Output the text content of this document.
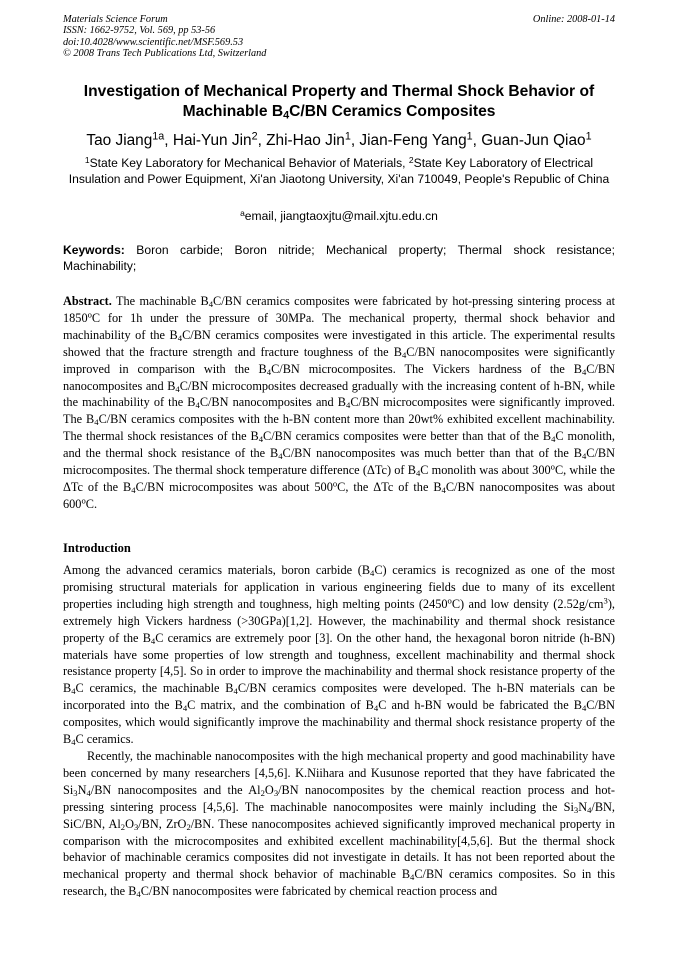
Materials Science Forum
ISSN: 1662-9752, Vol. 569, pp 53-56
doi:10.4028/www.scientific.net/MSF.569.53
© 2008 Trans Tech Publications Ltd, Switzerland
Online: 2008-01-14
Investigation of Mechanical Property and Thermal Shock Behavior of
Machinable $B_4C/BN$ Ceramics Composites
Tao Jiang$^{1a}$, Hai-Yun Jin$^2$, Zhi-Hao Jin$^1$, Jian-Feng Yang$^1$, Guan-Jun Qiao$^1$
$^1$State Key Laboratory for Mechanical Behavior of Materials, $^2$State Key Laboratory of Electrical Insulation and Power Equipment, Xi'an Jiaotong University, Xi'an 710049, People's Republic of China
$^a$email, jiangtaoxjtu@mail.xjtu.edu.cn
Keywords: Boron carbide; Boron nitride; Mechanical property; Thermal shock resistance; Machinability;
Abstract. The machinable $B_4C/BN$ ceramics composites were fabricated by hot-pressing sintering process at 1850$^o$C for 1h under the pressure of 30MPa. The mechanical property, thermal shock behavior and machinability of the $B_4C/BN$ ceramics composites were investigated in this article. The experimental results showed that the fracture strength and fracture toughness of the $B_4C/BN$ nanocomposites were significantly improved in comparison with the $B_4C/BN$ microcomposites. The Vickers hardness of the $B_4C/BN$ nanocomposites and $B_4C/BN$ microcomposites decreased gradually with the increasing content of h-BN, while the machinability of the $B_4C/BN$ nanocomposites and $B_4C/BN$ microcomposites were significantly improved. The $B_4C/BN$ ceramics composites with the h-BN content more than 20wt% exhibited excellent machinability. The thermal shock resistances of the $B_4C/BN$ ceramics composites were better than that of the $B_4C$ monolith, and the thermal shock resistance of the $B_4C/BN$ nanocomposites was much better than that of the $B_4C/BN$ microcomposites. The thermal shock temperature difference (ΔTc) of $B_4C$ monolith was about 300$^o$C, while the ΔTc of the $B_4C/BN$ microcomposites was about 500$^o$C, the ΔTc of the $B_4C/BN$ nanocomposites was about 600$^o$C.
Introduction

Among the advanced ceramics materials, boron carbide $(B_4C)$ ceramics is recognized as one of the most promising structural materials for application in various engineering fields due to many of its excellent properties including high strength and toughness, high melting points (2450$^o$C) and low density $(2.52g/cm^3)$, extremely high Vickers hardness (>30GPa)[1,2]. However, the machinability and thermal shock resistance property of the $B_4C$ ceramics are extremely poor [3]. On the other hand, the hexagonal boron nitride (h-BN) materials have some properties of low strength and toughness, excellent machinability and thermal shock resistance property [4,5]. So in order to improve the machinability and thermal shock resistance property of the $B_4C$ ceramics, the machinable $B_4C/BN$ ceramics composites were developed. The h-BN materials can be incorporated into the $B_4C$ matrix, and the combination of $B_4C$ and h-BN would be fabricated the $B_4C/BN$ composites, which would significantly improve the machinability and thermal shock resistance property of the $B_4C$ ceramics.

Recently, the machinable nanocomposites with the high mechanical property and good machinability have been concerned by many researchers [4,5,6]. K.Niihara and Kusunose reported that they have fabricated the $Si_3N_4/BN$ nanocomposites and the $Al_2O_3/BN$ nanocomposites by the chemical reaction process and hot-pressing sintering process [4,5,6]. The machinable nanocomposites were mainly including the $Si_3N_4/BN$, SiC/BN, $Al_2O_3/BN$, ZrO$_2$/BN. These nanocomposites achieved significantly improved mechanical property in comparison with the microcomposites and exhibited excellent machinability[4,5,6]. But the thermal shock behavior of machinable ceramics composites did not investigate in details. It has not been reported about the mechanical property and thermal shock behavior of machinable $B_4C/BN$ ceramics composites. So in this research, the $B_4C/BN$ nanocomposites were fabricated by chemical reaction process and
